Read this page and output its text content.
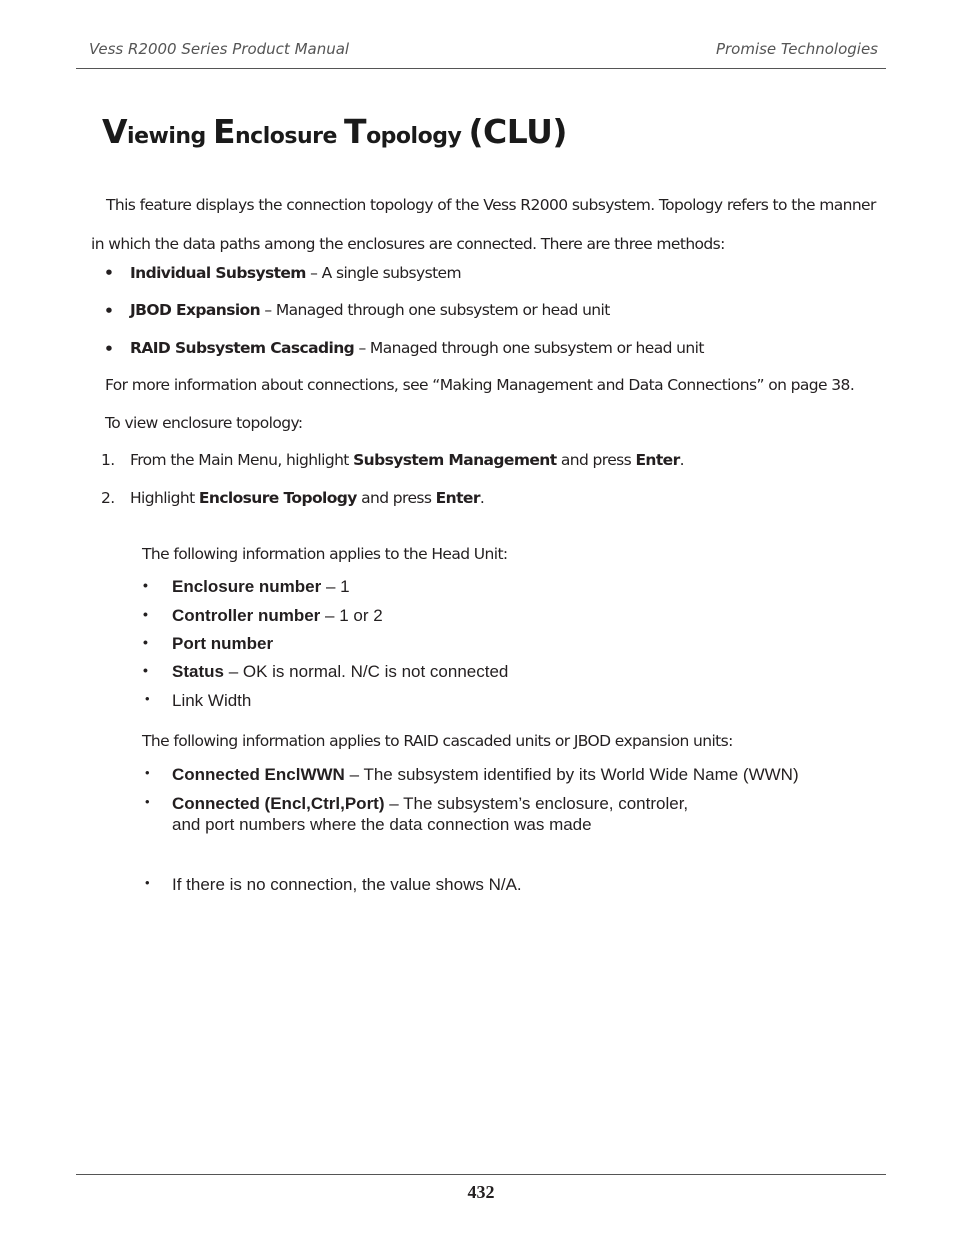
Vess R2000 Series Product Manual	Promise Technologies
Viewing Enclosure Topology (CLU)
This feature displays the connection topology of the Vess R2000 subsystem. Topology refers to the manner in which the data paths among the enclosures are connected. There are three methods:
• Individual Subsystem – A single subsystem
• JBOD Expansion – Managed through one subsystem or head unit
• RAID Subsystem Cascading – Managed through one subsystem or head unit
For more information about connections, see “Making Management and Data Connections” on page 38.
To view enclosure topology:
1. From the Main Menu, highlight Subsystem Management and press Enter.
2. Highlight Enclosure Topology and press Enter.
The following information applies to the Head Unit:
• Enclosure number – 1
• Controller number – 1 or 2
• Port number
• Status – OK is normal. N/C is not connected
• Link Width
The following information applies to RAID cascaded units or JBOD expansion units:
• Connected EnclWWN – The subsystem identified by its World Wide Name (WWN)
• Connected (Encl,Ctrl,Port) – The subsystem’s enclosure, controler,
and port numbers where the data connection was made
• If there is no connection, the value shows N/A.
432
